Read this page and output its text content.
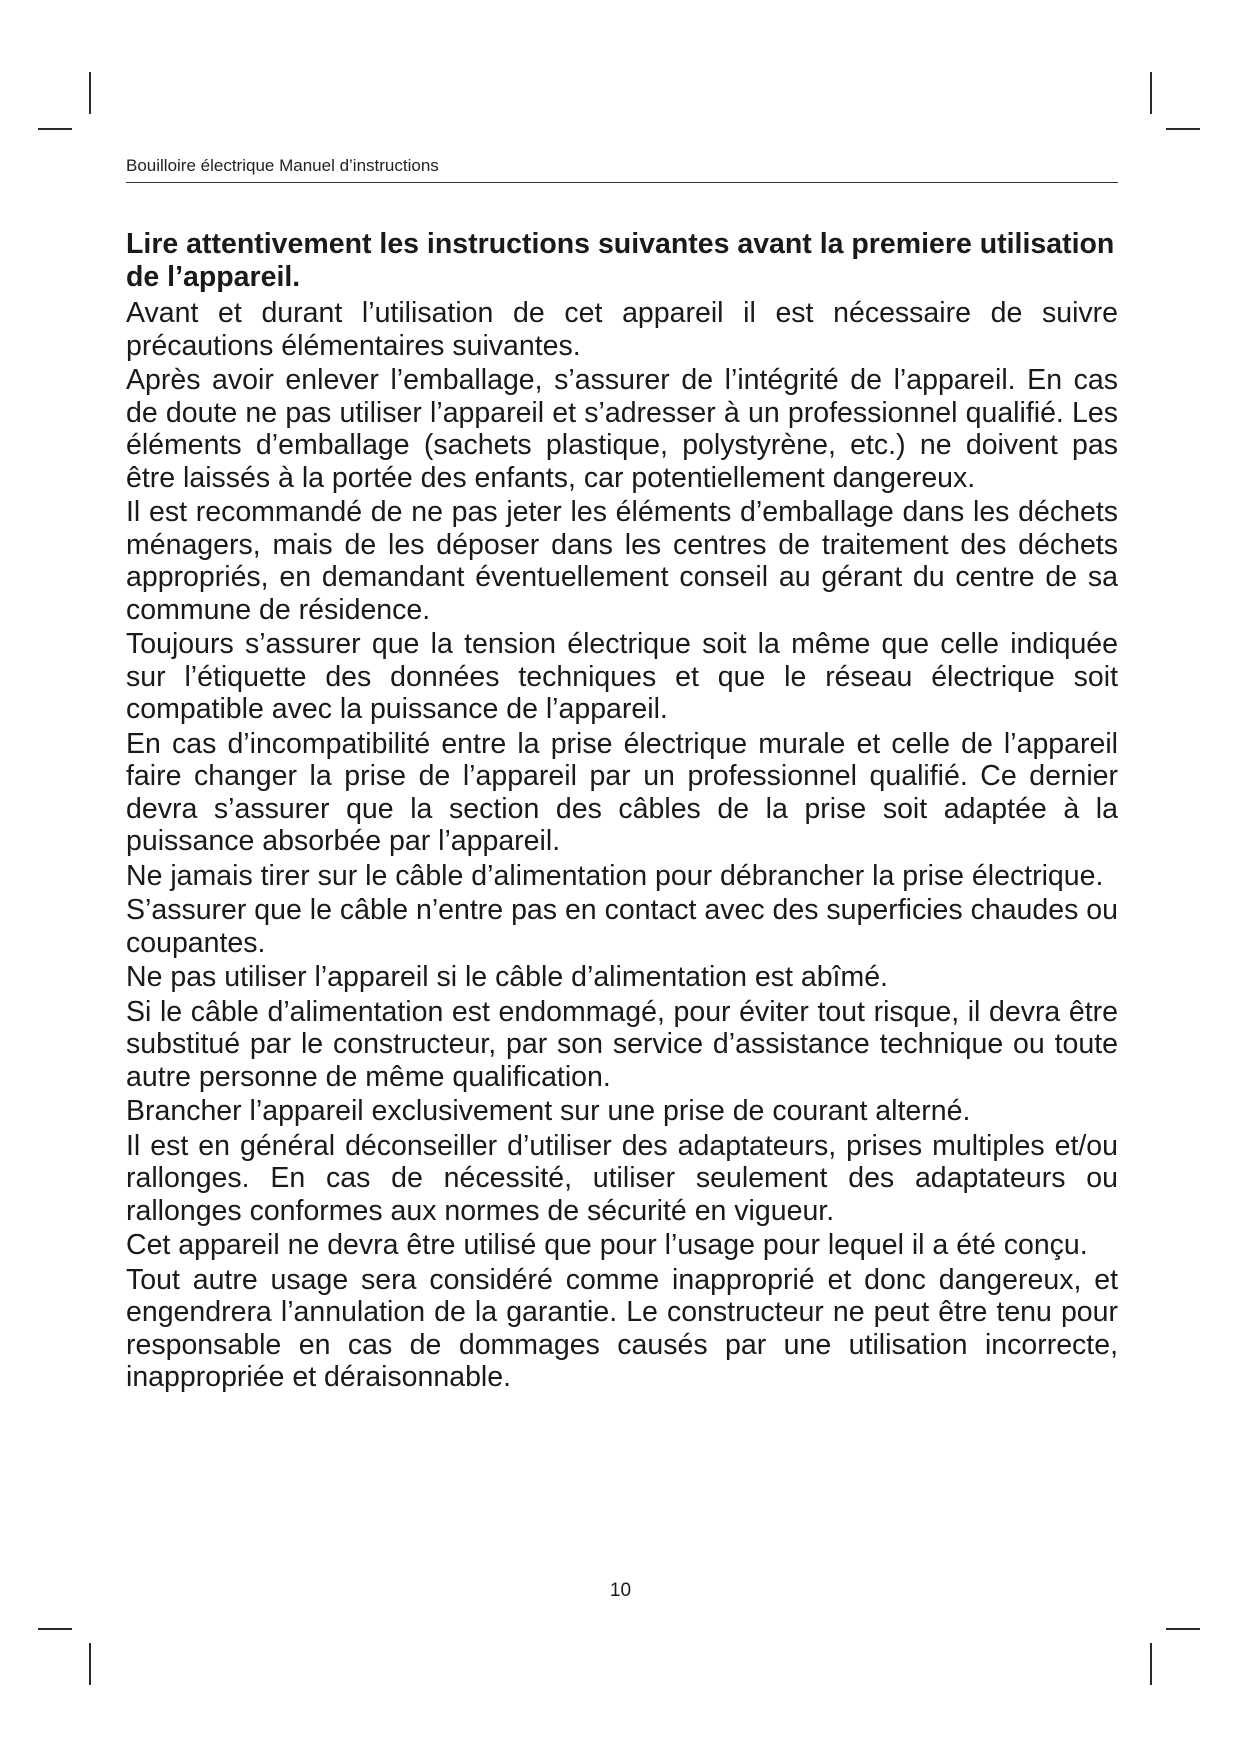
Bouilloire électrique Manuel d’instructions

Lire attentivement les instructions suivantes avant la premiere utilisation de l’appareil.

Avant et durant l’utilisation de cet appareil il est nécessaire de suivre précautions élémentaires suivantes.

Après avoir enlever l’emballage, s’assurer de l’intégrité de l’appareil. En cas de doute ne pas utiliser l’appareil et s’adresser à un professionnel qualifié. Les éléments d’emballage (sachets plastique, polystyrène, etc.) ne doivent pas être laissés à la portée des enfants, car potentiellement dangereux.

Il est recommandé de ne pas jeter les éléments d’emballage dans les déchets ménagers, mais de les déposer dans les centres de traitement des déchets appropriés, en demandant éventuellement conseil au gérant du centre de sa commune de résidence.

Toujours s’assurer que la tension électrique soit la même que celle indiquée sur l’étiquette des données techniques et que le réseau électrique soit compatible avec la puissance de l’appareil.

En cas d’incompatibilité entre la prise électrique murale et celle de l’appareil faire changer la prise de l’appareil par un professionnel qualifié. Ce dernier devra s’assurer que la section des câbles de la prise soit adaptée à la puissance absorbée par l’appareil.

Ne jamais tirer sur le câble d’alimentation pour débrancher la prise électrique.

S’assurer que le câble n’entre pas en contact avec des superficies chaudes ou coupantes.

Ne pas utiliser l’appareil si le câble d’alimentation est abîmé.

Si le câble d’alimentation est endommagé, pour éviter tout risque, il devra être substitué par le constructeur, par son service d’assistance technique ou toute autre personne de même qualification.

Brancher l’appareil exclusivement sur une prise de courant alterné.

Il est en général déconseiller d’utiliser des adaptateurs, prises multiples et/ou rallonges. En cas de nécessité, utiliser seulement des adaptateurs ou rallonges conformes aux normes de sécurité en vigueur.

Cet appareil ne devra être utilisé que pour l’usage pour lequel il a été conçu.

Tout autre usage sera considéré comme inapproprié et donc dangereux, et engendrera l’annulation de la garantie. Le constructeur ne peut être tenu pour responsable en cas de dommages causés par une utilisation incorrecte, inappropriée et déraisonnable.

10
